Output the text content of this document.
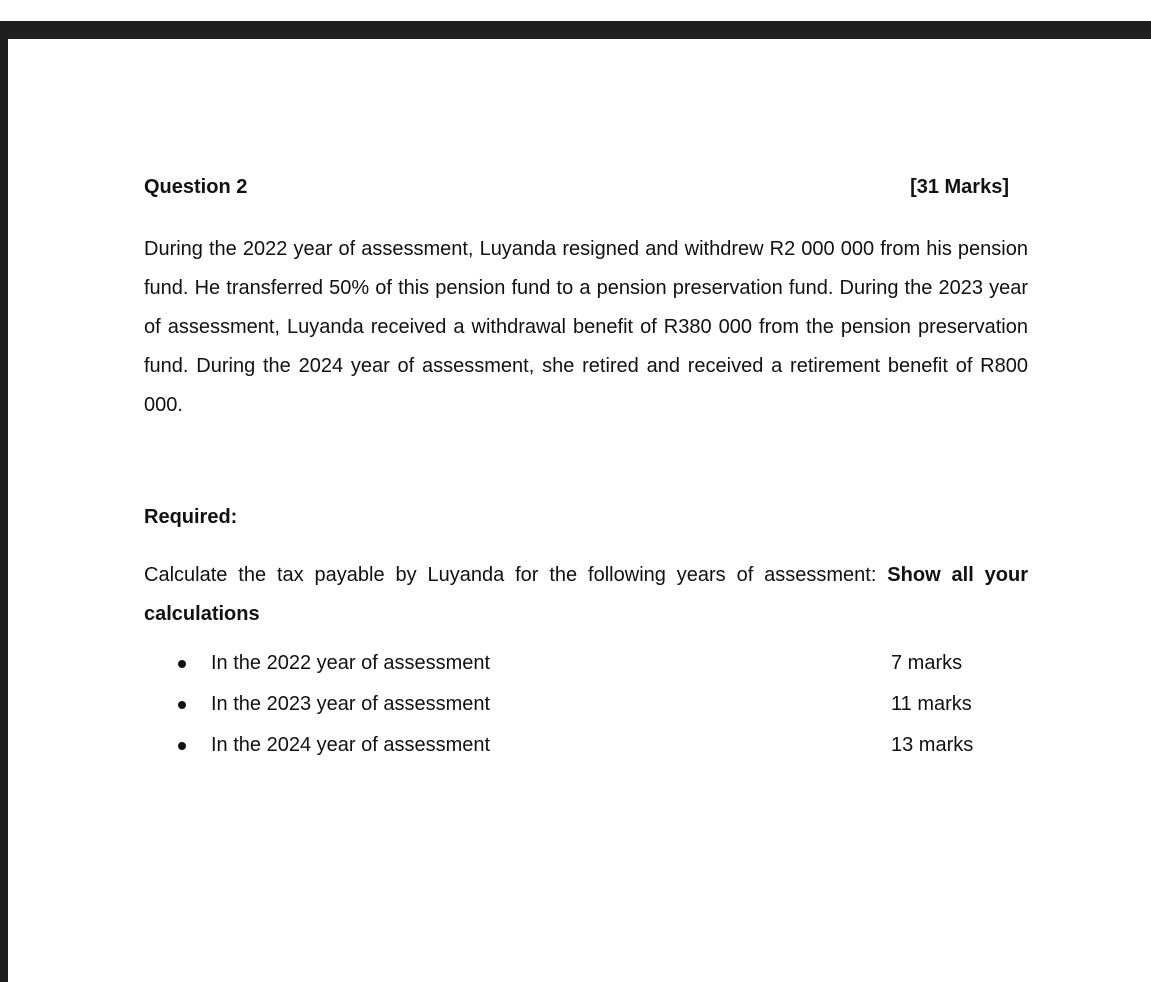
Question 2	[31 Marks]

During the 2022 year of assessment, Luyanda resigned and withdrew R2 000 000 from his pension fund. He transferred 50% of this pension fund to a pension preservation fund. During the 2023 year of assessment, Luyanda received a withdrawal benefit of R380 000 from the pension preservation fund. During the 2024 year of assessment, she retired and received a retirement benefit of R800 000.

Required:

Calculate the tax payable by Luyanda for the following years of assessment: Show all your calculations

In the 2022 year of assessment	7 marks
In the 2023 year of assessment	11 marks
In the 2024 year of assessment	13 marks
